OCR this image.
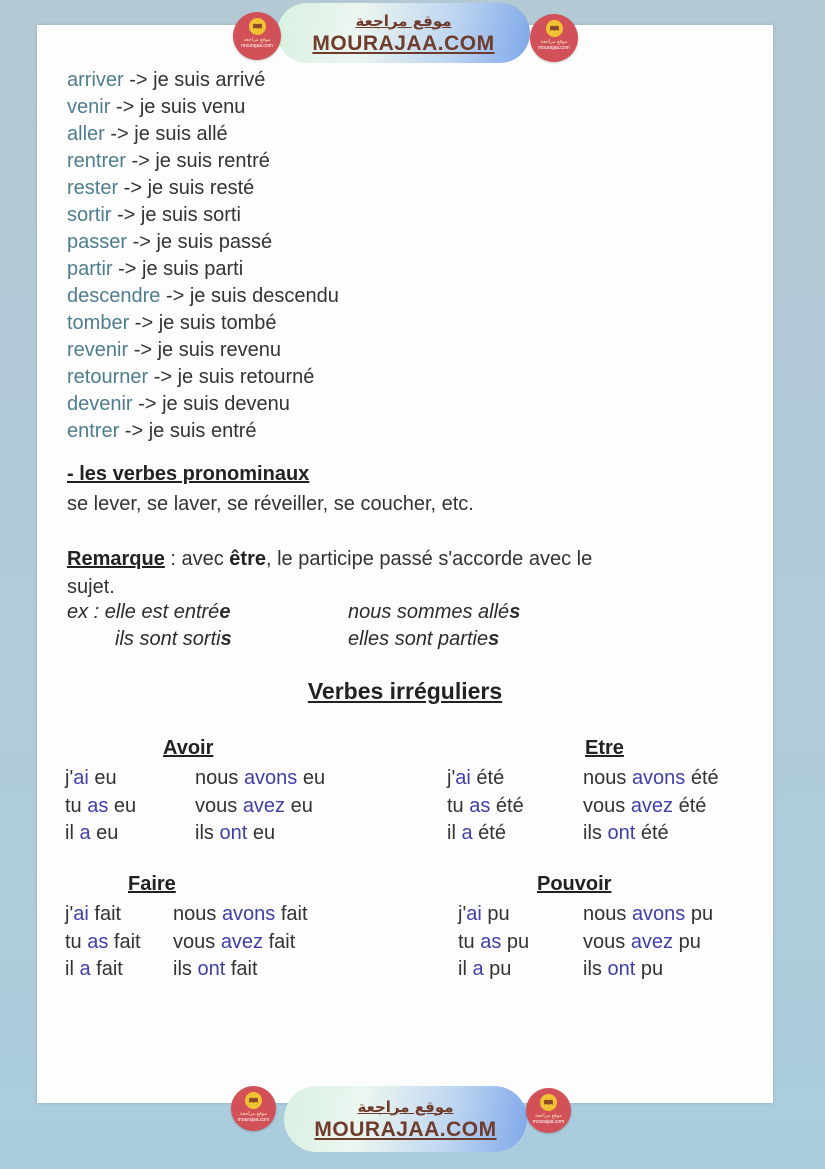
arriver -> je suis arrivé
venir -> je suis venu
aller -> je suis allé
rentrer -> je suis rentré
rester -> je suis resté
sortir -> je suis sorti
passer -> je suis passé
partir -> je suis parti
descendre -> je suis descendu
tomber -> je suis tombé
revenir -> je suis revenu
retourner -> je suis retourné
devenir -> je suis devenu
entrer -> je suis entré
- les verbes pronominaux
se lever, se laver, se réveiller, se coucher, etc.
Remarque : avec être, le participe passé s'accorde avec le
sujet.
ex : elle est entrée	nous sommes allés
ils sont sortis	elles sont parties
Verbes irréguliers
Avoir
j'ai eu	nous avons eu
tu as eu	vous avez eu
il a eu	ils ont eu
Etre
j'ai été	nous avons été
tu as été	vous avez été
il a été	ils ont été
Faire
j'ai fait	nous avons fait
tu as fait	vous avez fait
il a fait	ils ont fait
Pouvoir
j'ai pu	nous avons pu
tu as pu	vous avez pu
il a pu	ils ont pu
موقع مراجعة
MOURAJAA.COM
موقع مراجعة
mourajaa.com
موقع مراجعة
mourajaa.com
موقع مراجعة
MOURAJAA.COM
موقع مراجعة
mourajaa.com
موقع مراجعة
mourajaa.com
